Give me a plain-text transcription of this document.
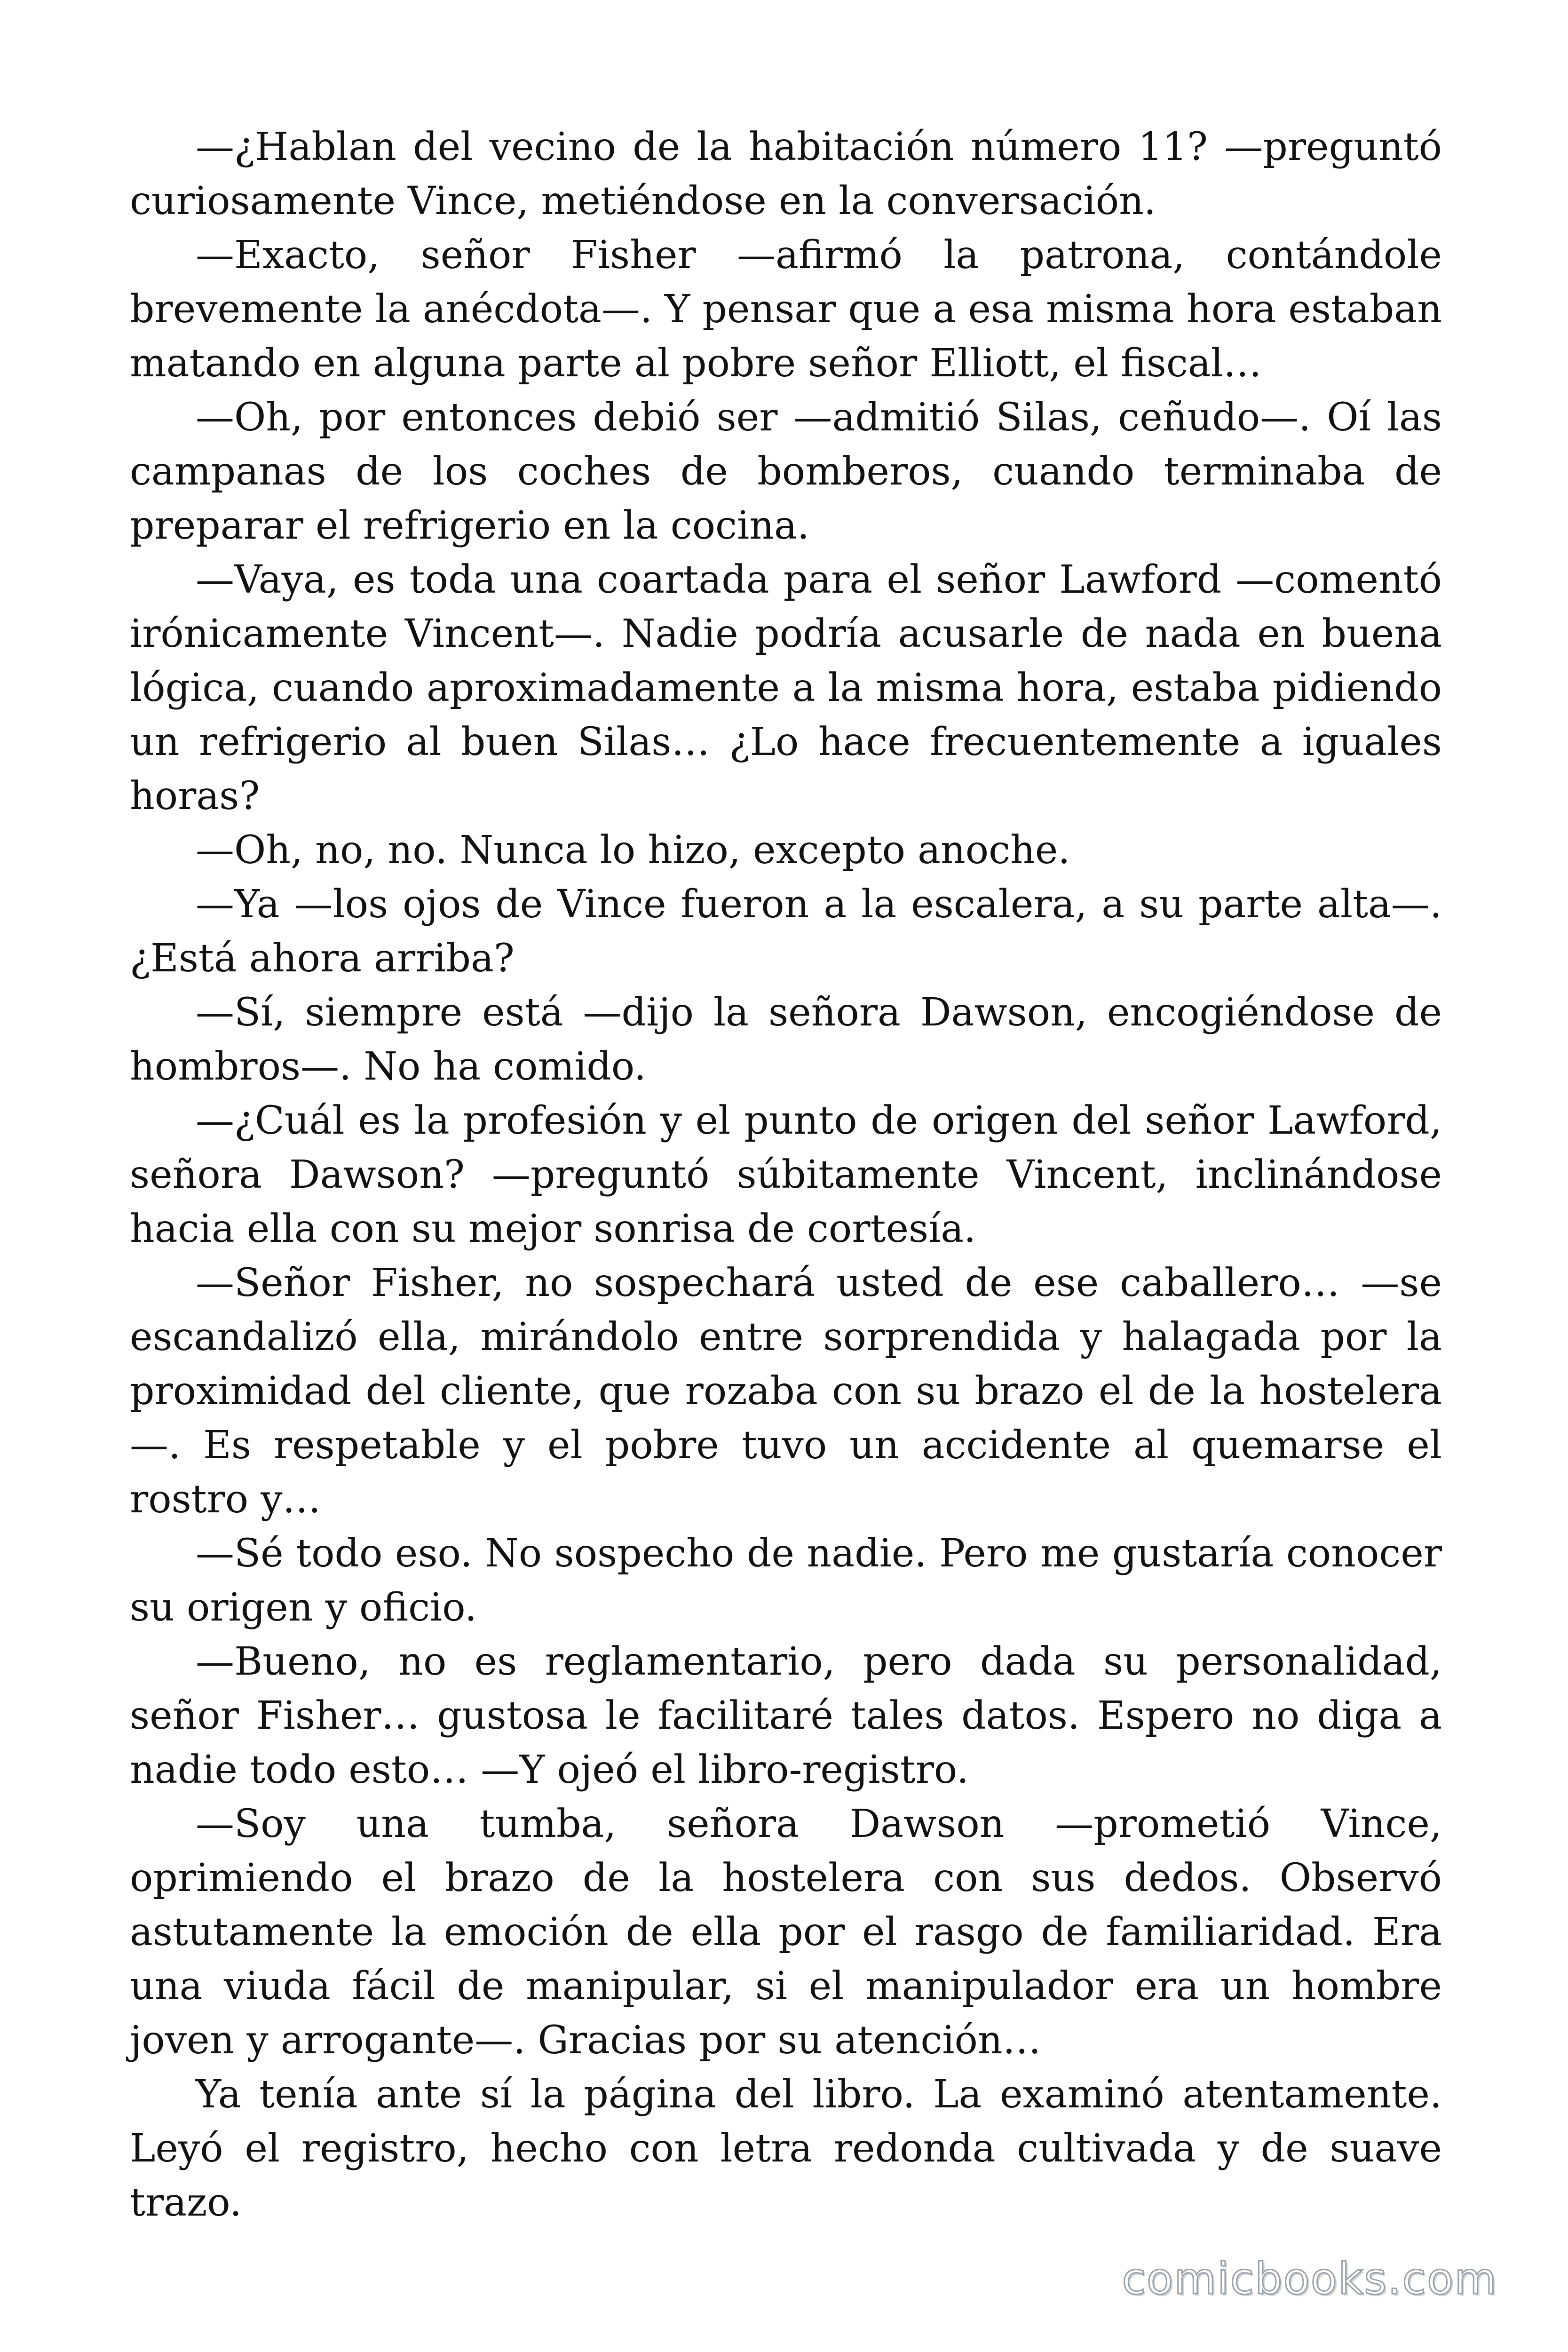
—¿Hablan del vecino de la habitación número 11? —preguntó curiosamente Vince, metiéndose en la conversación.

—Exacto, señor Fisher —afirmó la patrona, contándole brevemente la anécdota—. Y pensar que a esa misma hora estaban matando en alguna parte al pobre señor Elliott, el fiscal…

—Oh, por entonces debió ser —admitió Silas, ceñudo—. Oí las campanas de los coches de bomberos, cuando terminaba de preparar el refrigerio en la cocina.

—Vaya, es toda una coartada para el señor Lawford —comentó irónicamente Vincent—. Nadie podría acusarle de nada en buena lógica, cuando aproximadamente a la misma hora, estaba pidiendo un refrigerio al buen Silas… ¿Lo hace frecuentemente a iguales horas?

—Oh, no, no. Nunca lo hizo, excepto anoche.

—Ya —los ojos de Vince fueron a la escalera, a su parte alta—. ¿Está ahora arriba?

—Sí, siempre está —dijo la señora Dawson, encogiéndose de hombros—. No ha comido.

—¿Cuál es la profesión y el punto de origen del señor Lawford, señora Dawson? —preguntó súbitamente Vincent, inclinándose hacia ella con su mejor sonrisa de cortesía.

—Señor Fisher, no sospechará usted de ese caballero… —se escandalizó ella, mirándolo entre sorprendida y halagada por la proximidad del cliente, que rozaba con su brazo el de la hostelera —. Es respetable y el pobre tuvo un accidente al quemarse el rostro y…

—Sé todo eso. No sospecho de nadie. Pero me gustaría conocer su origen y oficio.

—Bueno, no es reglamentario, pero dada su personalidad, señor Fisher… gustosa le facilitaré tales datos. Espero no diga a nadie todo esto… —Y ojeó el libro-registro.

—Soy una tumba, señora Dawson —prometió Vince, oprimiendo el brazo de la hostelera con sus dedos. Observó astutamente la emoción de ella por el rasgo de familiaridad. Era una viuda fácil de manipular, si el manipulador era un hombre joven y arrogante—. Gracias por su atención…

Ya tenía ante sí la página del libro. La examinó atentamente. Leyó el registro, hecho con letra redonda cultivada y de suave trazo.

comicbooks.com
